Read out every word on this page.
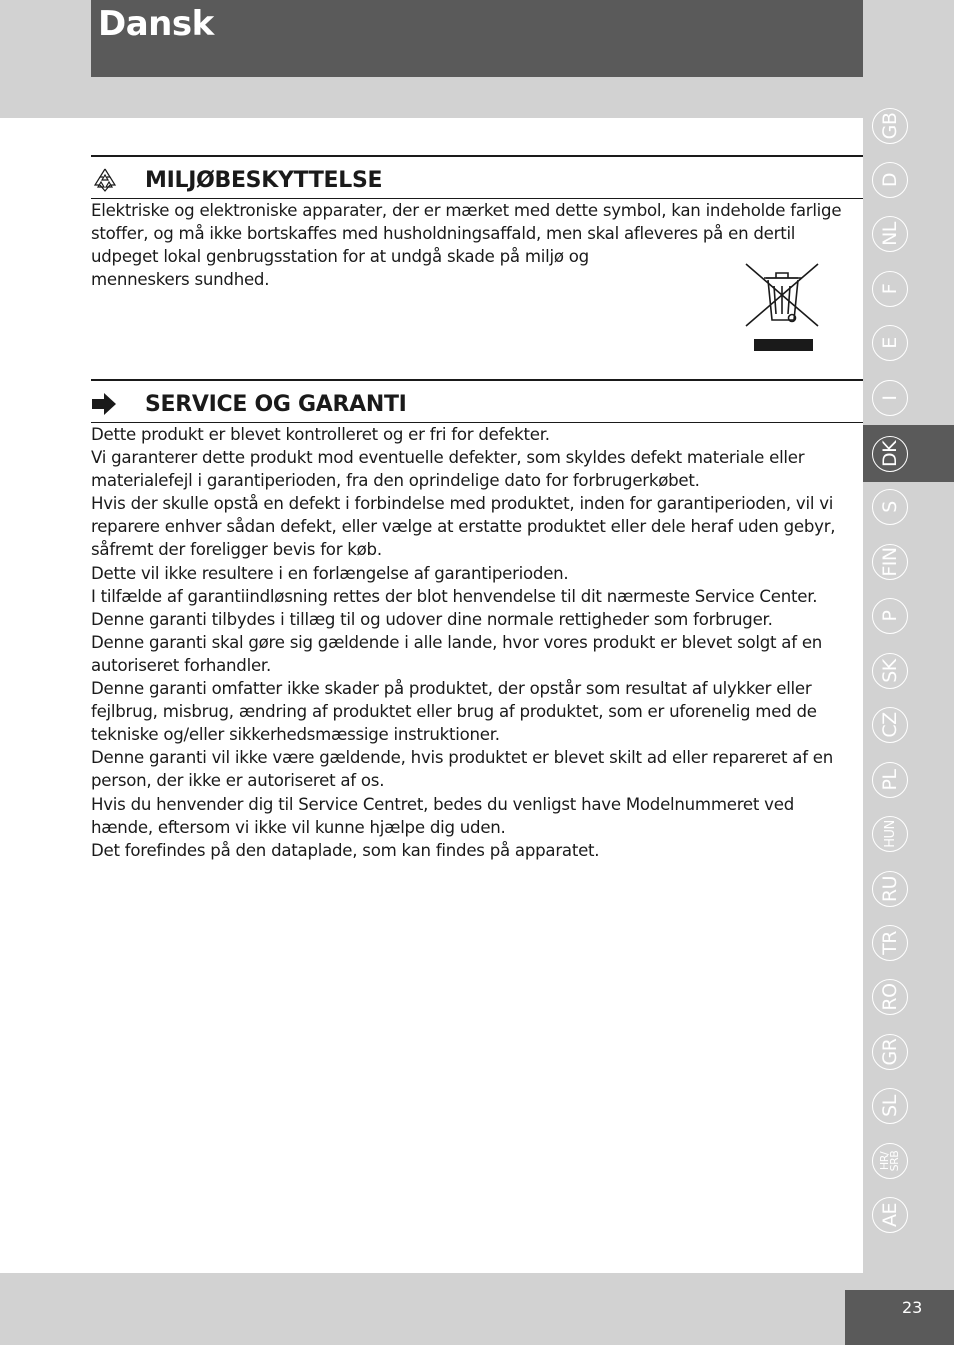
Dansk
MILJØBESKYTTELSE

Elektriske og elektroniske apparater, der er mærket med dette symbol, kan indeholde farlige

stoffer, og må ikke bortskaffes med husholdningsaffald, men skal afleveres på en dertil

udpeget lokal genbrugsstation for at undgå skade på miljø og

menneskers sundhed.

SERVICE OG GARANTI

Dette produkt er blevet kontrolleret og er fri for defekter.

Vi garanterer dette produkt mod eventuelle defekter, som skyldes defekt materiale eller

materialefejl i garantiperioden, fra den oprindelige dato for forbrugerkøbet.

Hvis der skulle opstå en defekt i forbindelse med produktet, inden for garantiperioden, vil vi

reparere enhver sådan defekt, eller vælge at erstatte produktet eller dele heraf uden gebyr,

såfremt der foreligger bevis for køb.

Dette vil ikke resultere i en forlængelse af garantiperioden.

I tilfælde af garantiindløsning rettes der blot henvendelse til dit nærmeste Service Center.

Denne garanti tilbydes i tillæg til og udover dine normale rettigheder som forbruger.

Denne garanti skal gøre sig gældende i alle lande, hvor vores produkt er blevet solgt af en

autoriseret forhandler.

Denne garanti omfatter ikke skader på produktet, der opstår som resultat af ulykker eller

fejlbrug, misbrug, ændring af produktet eller brug af produktet, som er uforenelig med de

tekniske og/eller sikkerhedsmæssige instruktioner.

Denne garanti vil ikke være gældende, hvis produktet er blevet skilt ad eller repareret af en

person, der ikke er autoriseret af os.

Hvis du henvender dig til Service Centret, bedes du venligst have Modelnummeret ved

hænde, eftersom vi ikke vil kunne hjælpe dig uden.

Det forefindes på den dataplade, som kan findes på apparatet.

GB
D
NL
F
E
I
DK
S
FIN
P
SK
CZ
PL
HUN
RU
TR
RO
GR
SL
HR/ SRB
AE
23
